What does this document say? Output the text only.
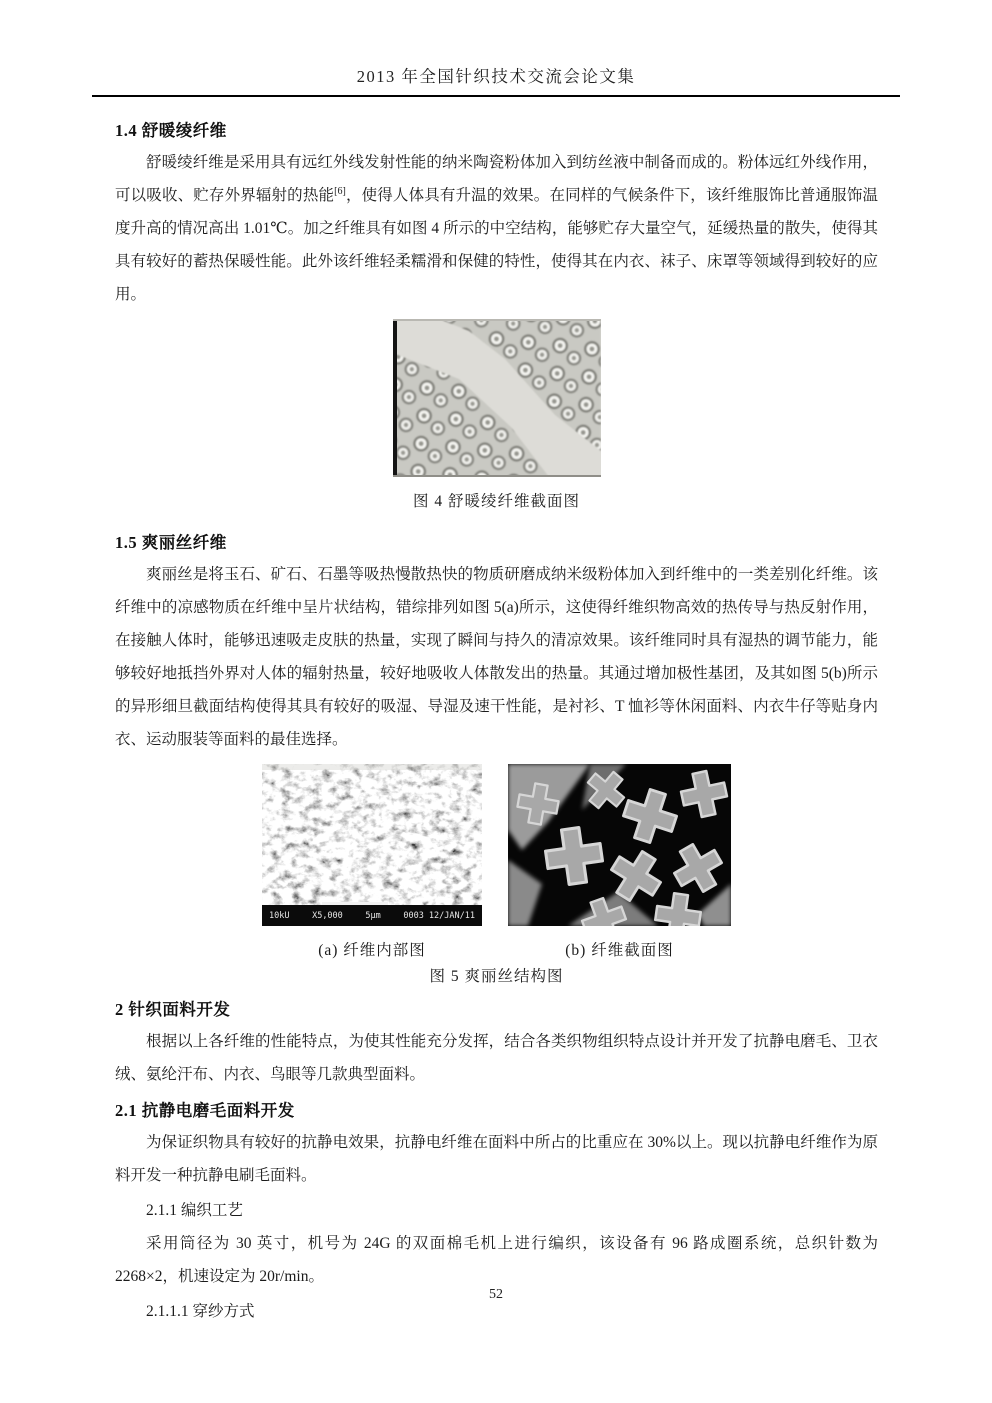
2013 年全国针织技术交流会论文集
1.4 舒暖绫纤维

舒暖绫纤维是采用具有远红外线发射性能的纳米陶瓷粉体加入到纺丝液中制备而成的。粉体远红外线作用，可以吸收、贮存外界辐射的热能[6]，使得人体具有升温的效果。在同样的气候条件下，该纤维服饰比普通服饰温度升高的情况高出 1.01℃。加之纤维具有如图 4 所示的中空结构，能够贮存大量空气，延缓热量的散失，使得其具有较好的蓄热保暖性能。此外该纤维轻柔糯滑和保健的特性，使得其在内衣、袜子、床罩等领域得到较好的应用。

图 4 舒暖绫纤维截面图
1.5 爽丽丝纤维

爽丽丝是将玉石、矿石、石墨等吸热慢散热快的物质研磨成纳米级粉体加入到纤维中的一类差别化纤维。该纤维中的凉感物质在纤维中呈片状结构，错综排列如图 5(a)所示，这使得纤维织物高效的热传导与热反射作用，在接触人体时，能够迅速吸走皮肤的热量，实现了瞬间与持久的清凉效果。该纤维同时具有湿热的调节能力，能够较好地抵挡外界对人体的辐射热量，较好地吸收人体散发出的热量。其通过增加极性基团，及其如图 5(b)所示的异形细旦截面结构使得其具有较好的吸湿、导湿及速干性能，是衬衫、T 恤衫等休闲面料、内衣牛仔等贴身内衣、运动服装等面料的最佳选择。

10kU	X5,000	5μm	0003 12/JAN/11
(a) 纤维内部图	(b) 纤维截面图
图 5 爽丽丝结构图
2 针织面料开发

根据以上各纤维的性能特点，为使其性能充分发挥，结合各类织物组织特点设计并开发了抗静电磨毛、卫衣绒、氨纶汗布、内衣、鸟眼等几款典型面料。

2.1 抗静电磨毛面料开发

为保证织物具有较好的抗静电效果，抗静电纤维在面料中所占的比重应在 30%以上。现以抗静电纤维作为原料开发一种抗静电刷毛面料。

2.1.1 编织工艺

采用筒径为 30 英寸，机号为 24G 的双面棉毛机上进行编织，该设备有 96 路成圈系统，总织针数为 2268×2，机速设定为 20r/min。

2.1.1.1 穿纱方式

52
